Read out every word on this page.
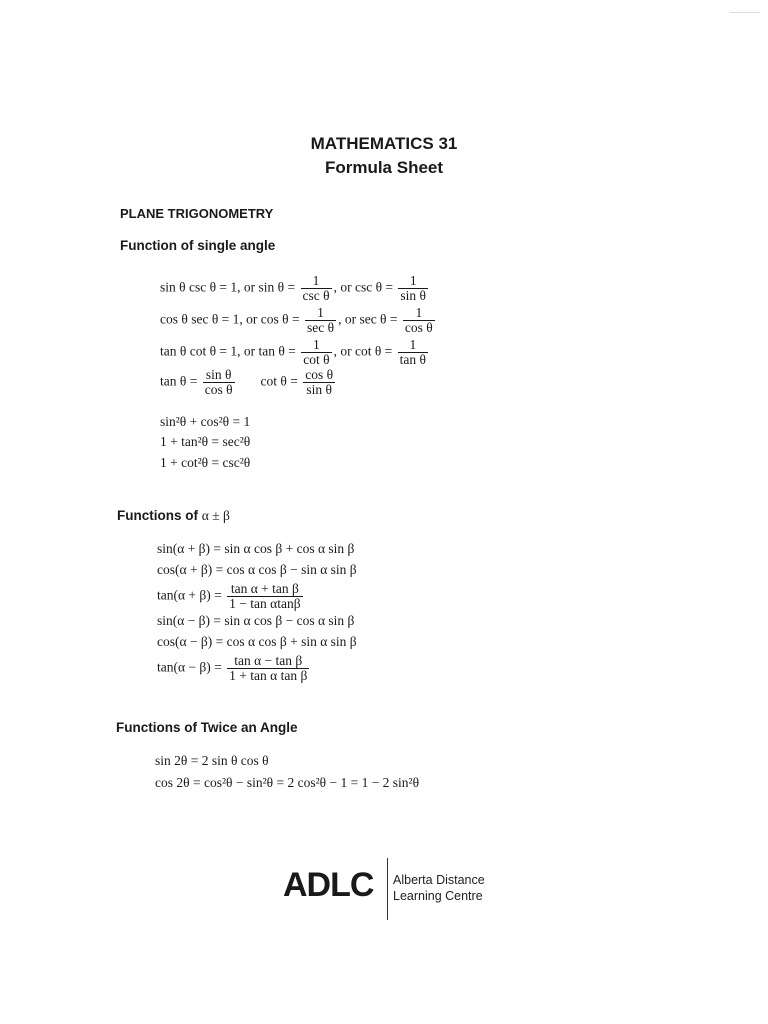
MATHEMATICS 31
Formula Sheet
PLANE TRIGONOMETRY
Function of single angle
sin θ csc θ = 1, or $\sin \theta = \frac{1}{\text{csc θ}}$ , or $\csc \theta = \frac{1}{\text{sin θ}}$
cos θ sec θ = 1, or $\cos \theta = \frac{1}{\text{sec θ}}$ , or $\sec \theta = \frac{1}{\text{cos θ}}$
tan θ cot θ = 1, or $\tan \theta = \frac{1}{\text{cot θ}}$ , or $\cot \theta = \frac{1}{\text{tan θ}}$
$\tan \theta = \frac{\text{sin θ}}{\text{cos θ}}$ $\cot \theta = \frac{\text{cos θ}}{\text{sin θ}}$
sin²θ + cos²θ = 1
1 + tan²θ = sec²θ
1 + cot²θ = csc²θ
Functions of α ± β
sin(α + β) = sin α cos β + cos α sin β
cos(α + β) = cos α cos β − sin α sin β
$\tan(\alpha + \beta) = \frac{\text{tan α + tan β}}{\text{1 − tan αtanβ}}$
sin(α − β) = sin α cos β − cos α sin β
cos(α − β) = cos α cos β + sin α sin β
$\tan(\alpha - \beta) = \frac{\text{tan α − tan β}}{\text{1 + tan α tan β}}$
Functions of Twice an Angle
sin 2θ = 2 sin θ cos θ
cos 2θ = cos²θ − sin²θ = 2 cos²θ − 1 = 1 − 2 sin²θ
ADLC Alberta Distance
Learning Centre
